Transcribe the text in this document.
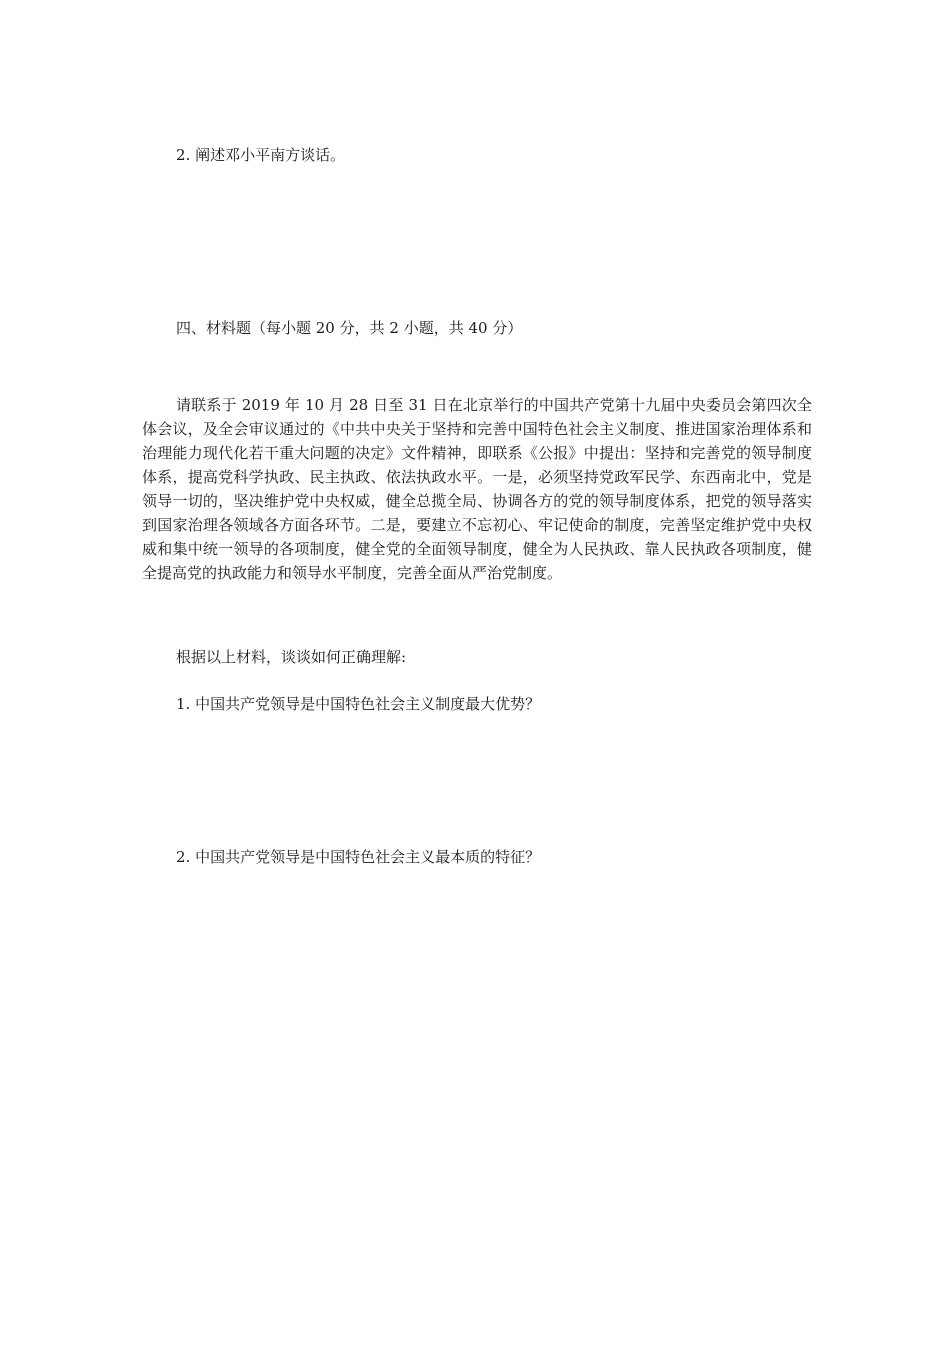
2. 阐述邓小平南方谈话。
四、材料题（每小题 20 分，共 2 小题，共 40 分）

请联系于 2019 年 10 月 28 日至 31 日在北京举行的中国共产党第十九届中央委员会第四次全体会议，及全会审议通过的《中共中央关于坚持和完善中国特色社会主义制度、推进国家治理体系和治理能力现代化若干重大问题的决定》文件精神，即联系《公报》中提出：坚持和完善党的领导制度体系，提高党科学执政、民主执政、依法执政水平。一是，必须坚持党政军民学、东西南北中，党是领导一切的，坚决维护党中央权威，健全总揽全局、协调各方的党的领导制度体系，把党的领导落实到国家治理各领域各方面各环节。二是，要建立不忘初心、牢记使命的制度，完善坚定维护党中央权威和集中统一领导的各项制度，健全党的全面领导制度，健全为人民执政、靠人民执政各项制度，健全提高党的执政能力和领导水平制度，完善全面从严治党制度。

根据以上材料，谈谈如何正确理解:
1. 中国共产党领导是中国特色社会主义制度最大优势？
2. 中国共产党领导是中国特色社会主义最本质的特征？
